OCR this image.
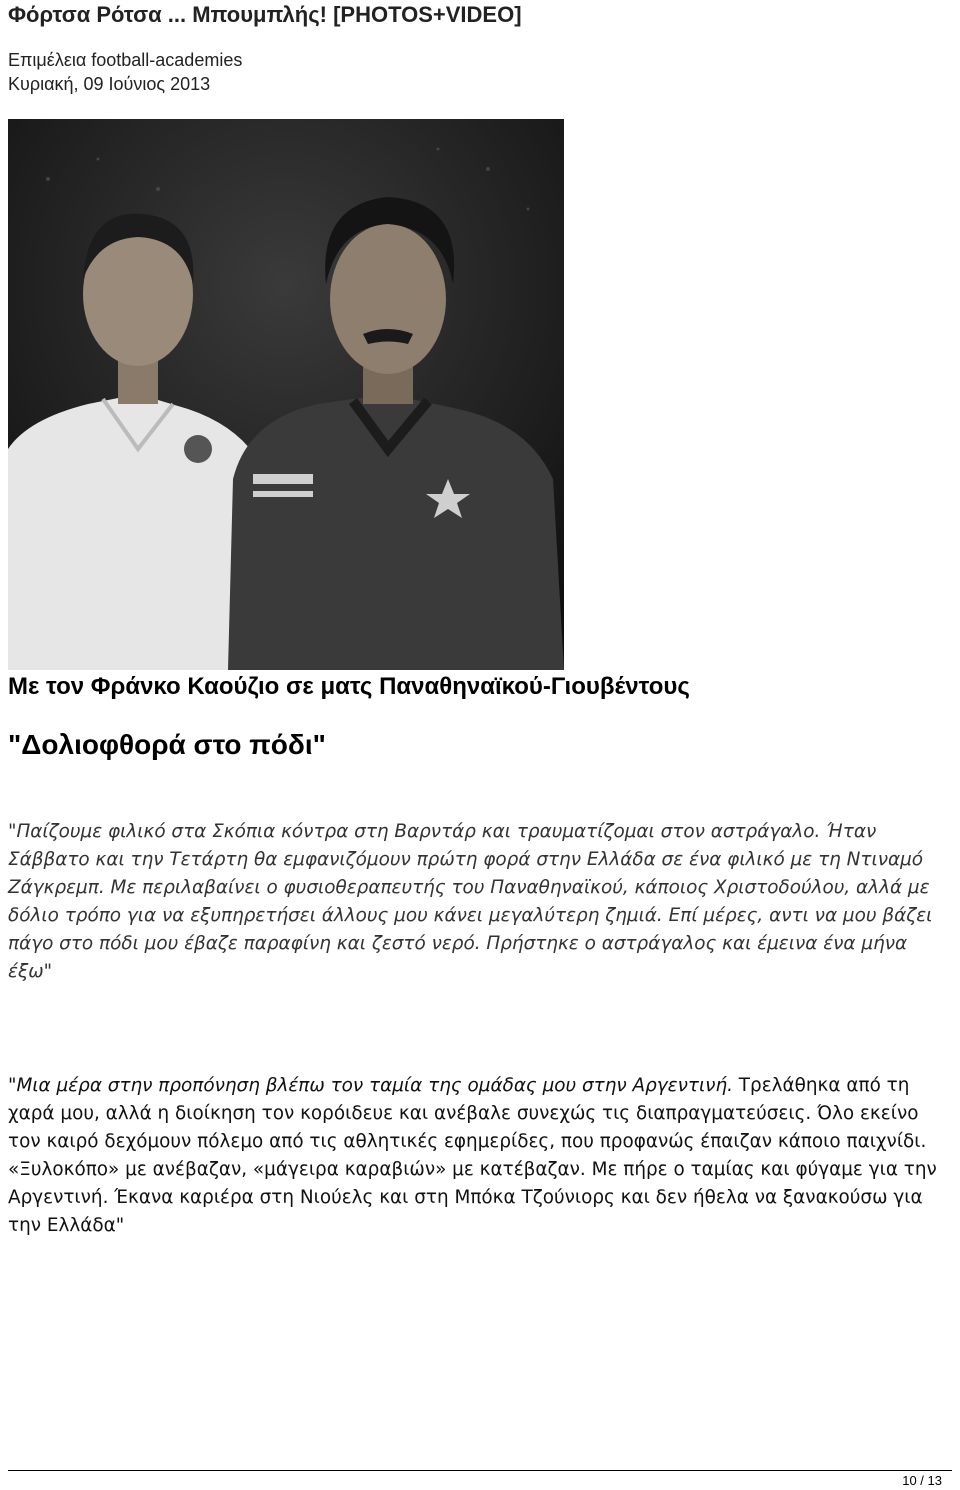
Φόρτσα Ρότσα ... Μπουμπλής! [PHOTOS+VIDEO]
Επιμέλεια football-academies
Κυριακή, 09 Ιούνιος 2013
Με τον Φράνκο Καούζιο σε ματς Παναθηναϊκού-Γιουβέντους
"Δολιοφθορά στο πόδι"

"Παίζουμε φιλικό στα Σκόπια κόντρα στη Βαρντάρ και τραυματίζομαι στον αστράγαλο. Ήταν Σάββατο και την Τετάρτη θα εμφανιζόμουν πρώτη φορά στην Ελλάδα σε ένα φιλικό με τη Ντιναμό Ζάγκρεμπ. Με περιλαβαίνει ο φυσιοθεραπευτής του Παναθηναϊκού, κάποιος Χριστοδούλου, αλλά με δόλιο τρόπο για να εξυπηρετήσει άλλους μου κάνει μεγαλύτερη ζημιά. Επί μέρες, αντι να μου βάζει πάγο στο πόδι μου έβαζε παραφίνη και ζεστό νερό. Πρήστηκε ο αστράγαλος και έμεινα ένα μήνα έξω"

"Μια μέρα στην προπόνηση βλέπω τον ταμία της ομάδας μου στην Αργεντινή. Τρελάθηκα από τη χαρά μου, αλλά η διοίκηση τον κορόιδευε και ανέβαλε συνεχώς τις διαπραγματεύσεις. Όλο εκείνο τον καιρό δεχόμουν πόλεμο από τις αθλητικές εφημερίδες, που προφανώς έπαιζαν κάποιο παιχνίδι. «Ξυλοκόπο» με ανέβαζαν, «μάγειρα καραβιών» με κατέβαζαν. Με πήρε ο ταμίας και φύγαμε για την Αργεντινή. Έκανα καριέρα στη Νιούελς και στη Μπόκα Τζούνιορς και δεν ήθελα να ξανακούσω για την Ελλάδα"

10 / 13
